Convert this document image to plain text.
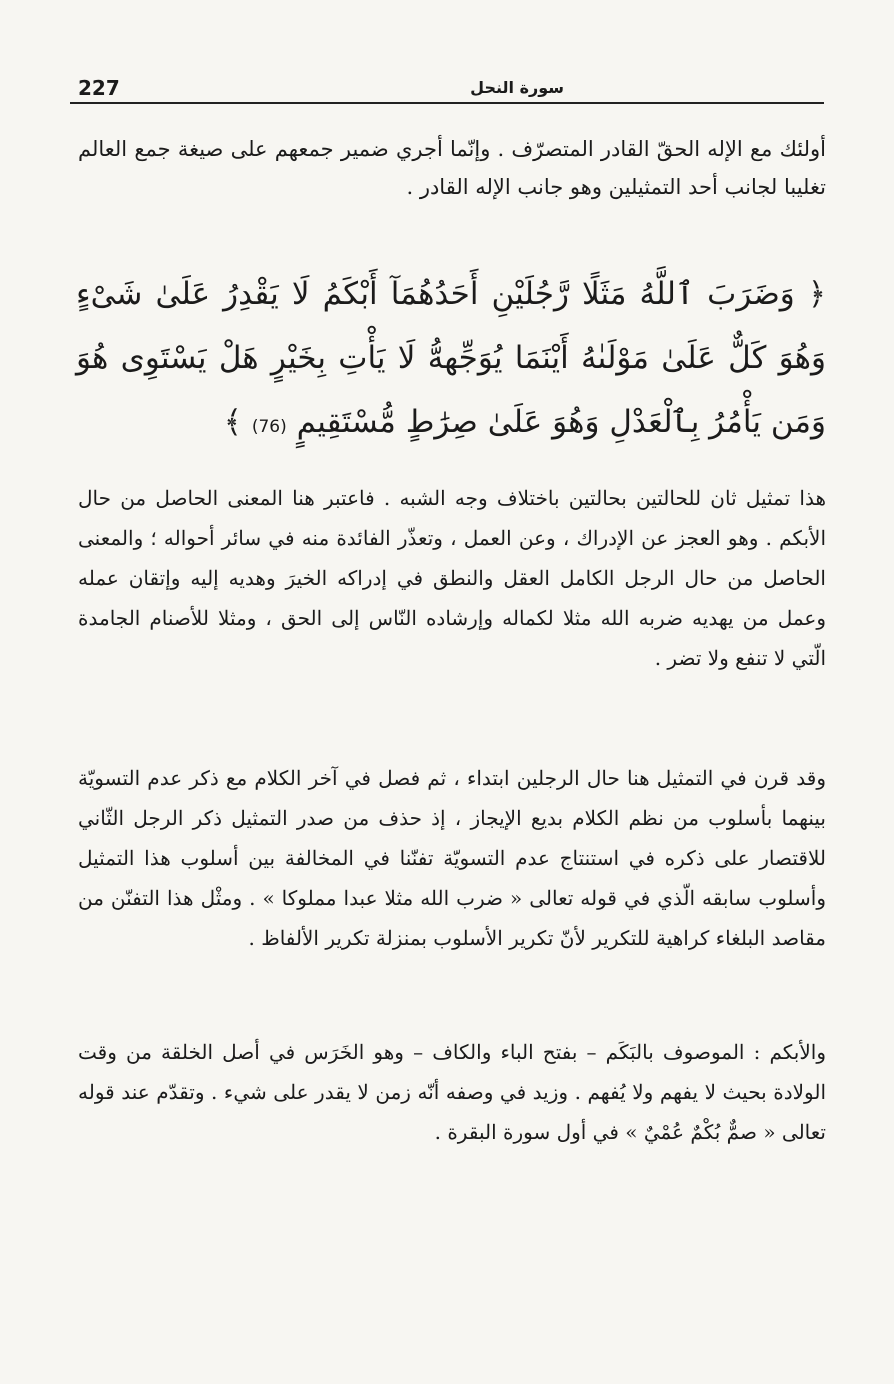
227	سورة النحل

أولئك مع الإله الحقّ القادر المتصرّف . وإنّما أجري ضمير جمعهم على صيغة جمع العالم تغليبا لجانب أحد التمثيلين وهو جانب الإله القادر .

﴿ وَضَرَبَ ٱللَّهُ مَثَلًا رَّجُلَيْنِ أَحَدُهُمَآ أَبْكَمُ لَا يَقْدِرُ عَلَىٰ شَىْءٍ وَهُوَ كَلٌّ عَلَىٰ مَوْلَىٰهُ أَيْنَمَا يُوَجِّههُّ لَا يَأْتِ بِخَيْرٍ هَلْ يَسْتَوِى هُوَ وَمَن يَأْمُرُ بِٱلْعَدْلِ وَهُوَ عَلَىٰ صِرَٰطٍ مُّسْتَقِيمٍ (76) ﴾

هذا تمثيل ثان للحالتين بحالتين باختلاف وجه الشبه . فاعتبر هنا المعنى الحاصل من حال الأبكم . وهو العجز عن الإدراك ، وعن العمل ، وتعذّر الفائدة منه في سائر أحواله ؛ والمعنى الحاصل من حال الرجل الكامل العقل والنطق في إدراكه الخيرَ وهديه إليه وإتقان عمله وعمل من يهديه ضربه الله مثلا لكماله وإرشاده النّاس إلى الحق ، ومثلا للأصنام الجامدة الّتي لا تنفع ولا تضر .

وقد قرن في التمثيل هنا حال الرجلين ابتداء ، ثم فصل في آخر الكلام مع ذكر عدم التسويّة بينهما بأسلوب من نظم الكلام بديع الإيجاز ، إذ حذف من صدر التمثيل ذكر الرجل الثّاني للاقتصار على ذكره في استنتاج عدم التسويّة تفنّنا في المخالفة بين أسلوب هذا التمثيل وأسلوب سابقه الّذي في قوله تعالى « ضرب الله مثلا عبدا مملوكا » . ومثْل هذا التفنّن من مقاصد البلغاء كراهية للتكرير لأنّ تكرير الأسلوب بمنزلة تكرير الألفاظ .

والأبكم : الموصوف بالبَكَم – بفتح الباء والكاف – وهو الخَرَس في أصل الخلقة من وقت الولادة بحيث لا يفهم ولا يُفهم . وزيد في وصفه أنّه زمن لا يقدر على شيء . وتقدّم عند قوله تعالى « صمٌّ بُكْمٌ عُمْيٌ » في أول سورة البقرة .
